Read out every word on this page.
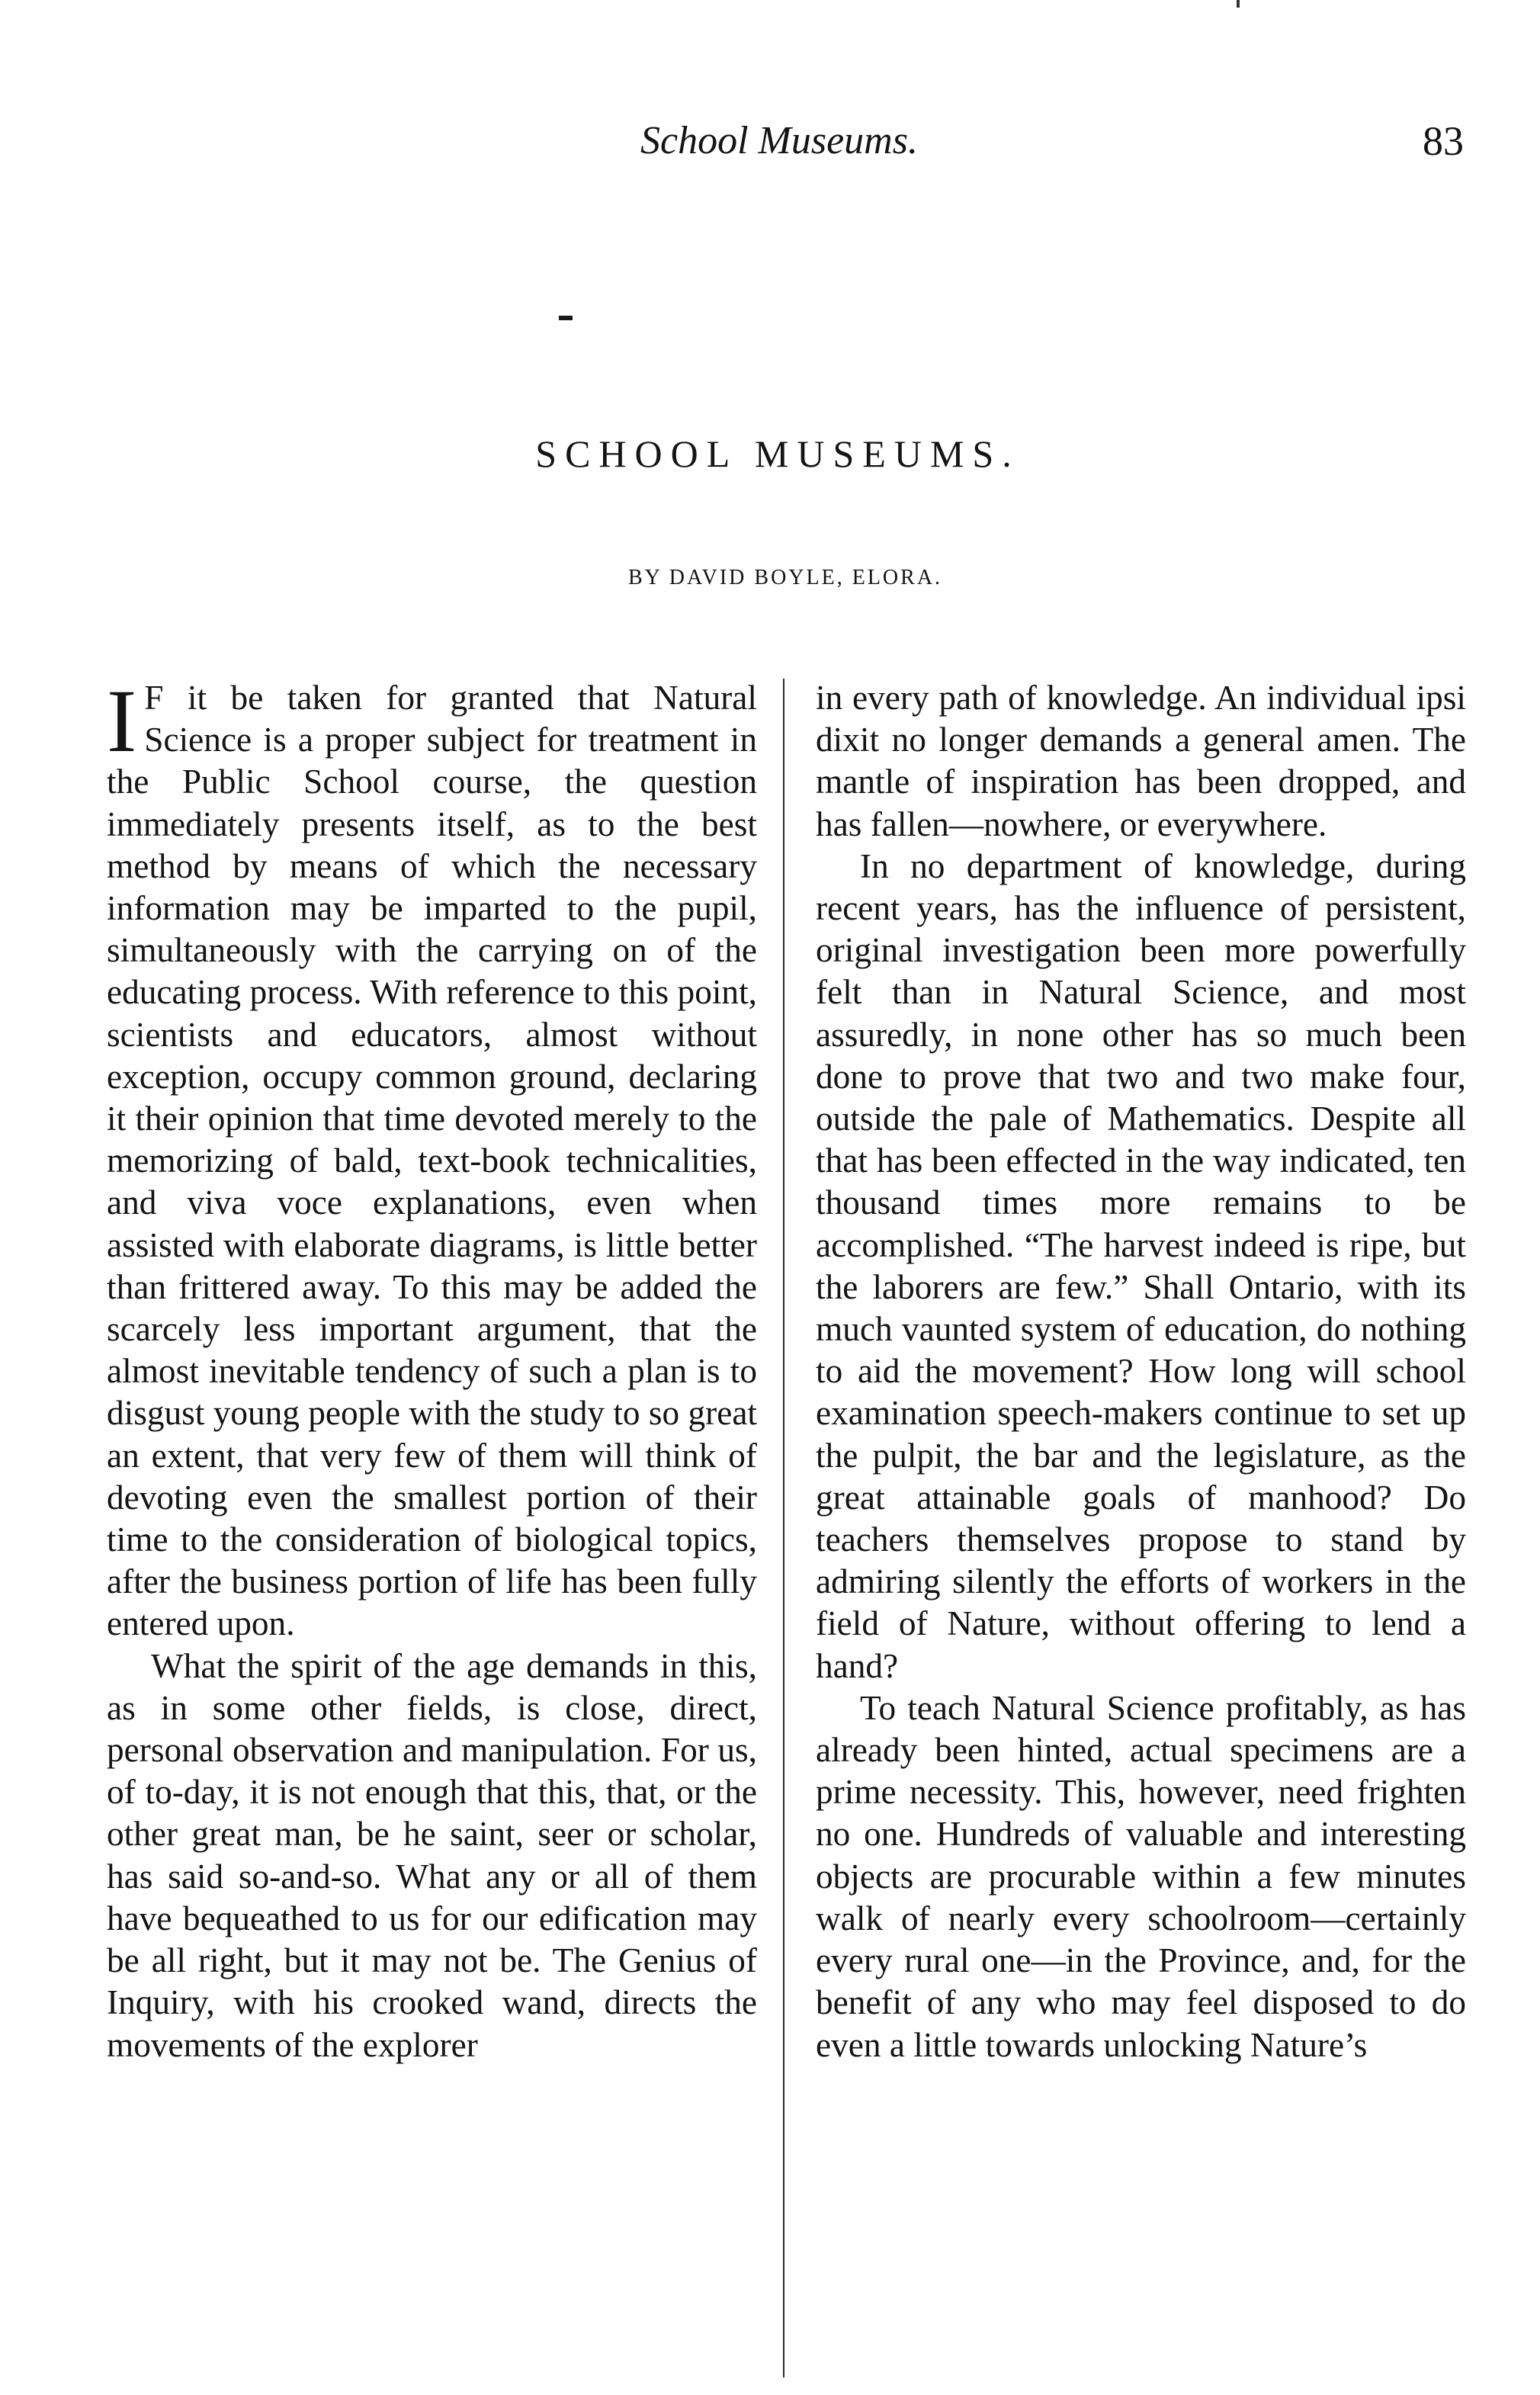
School Museums.	83
SCHOOL MUSEUMS.
BY DAVID BOYLE, ELORA.

I F it be taken for granted that Natural Science is a proper subject for treatment in the Public School course, the question immediately presents itself, as to the best method by means of which the necessary information may be imparted to the pupil, simultaneously with the carrying on of the educating process. With reference to this point, scientists and educators, almost without exception, occupy common ground, declaring it their opinion that time devoted merely to the memorizing of bald, text-book technicalities, and viva voce explanations, even when assisted with elaborate diagrams, is little better than frittered away. To this may be added the scarcely less important argument, that the almost inevitable tendency of such a plan is to disgust young people with the study to so great an extent, that very few of them will think of devoting even the smallest portion of their time to the consideration of biological topics, after the business portion of life has been fully entered upon.

What the spirit of the age demands in this, as in some other fields, is close, direct, personal observation and manipulation. For us, of to-day, it is not enough that this, that, or the other great man, be he saint, seer or scholar, has said so-and-so. What any or all of them have bequeathed to us for our edification may be all right, but it may not be. The Genius of Inquiry, with his crooked wand, directs the movements of the explorer

in every path of knowledge. An individual ipsi dixit no longer demands a general amen. The mantle of inspiration has been dropped, and has fallen—nowhere, or everywhere.

In no department of knowledge, during recent years, has the influence of persistent, original investigation been more powerfully felt than in Natural Science, and most assuredly, in none other has so much been done to prove that two and two make four, outside the pale of Mathematics. Despite all that has been effected in the way indicated, ten thousand times more remains to be accomplished. “The harvest indeed is ripe, but the laborers are few.” Shall Ontario, with its much vaunted system of education, do nothing to aid the movement? How long will school examination speech-makers continue to set up the pulpit, the bar and the legislature, as the great attainable goals of manhood? Do teachers themselves propose to stand by admiring silently the efforts of workers in the field of Nature, without offering to lend a hand?

To teach Natural Science profitably, as has already been hinted, actual specimens are a prime necessity. This, however, need frighten no one. Hundreds of valuable and interesting objects are procurable within a few minutes walk of nearly every schoolroom—certainly every rural one—in the Province, and, for the benefit of any who may feel disposed to do even a little towards unlocking Nature’s
